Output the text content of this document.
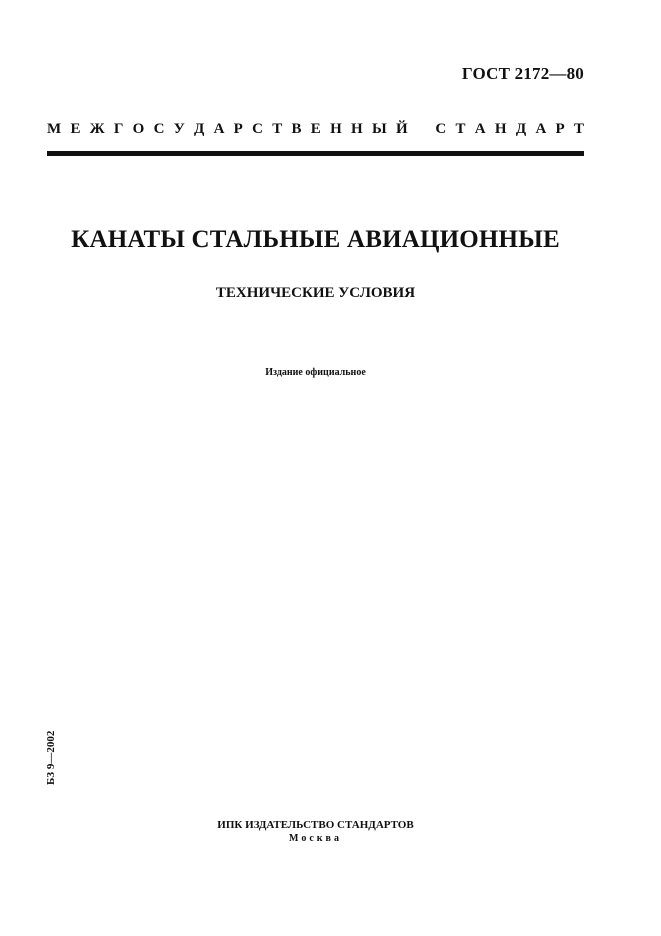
ГОСТ 2172—80
М Е Ж Г О С У Д А Р С Т В Е Н Н Ы Й С Т А Н Д А Р Т
КАНАТЫ СТАЛЬНЫЕ АВИАЦИОННЫЕ
ТЕХНИЧЕСКИЕ УСЛОВИЯ
Издание официальное
БЗ 9—2002
ИПК ИЗДАТЕЛЬСТВО СТАНДАРТОВ
Москва
